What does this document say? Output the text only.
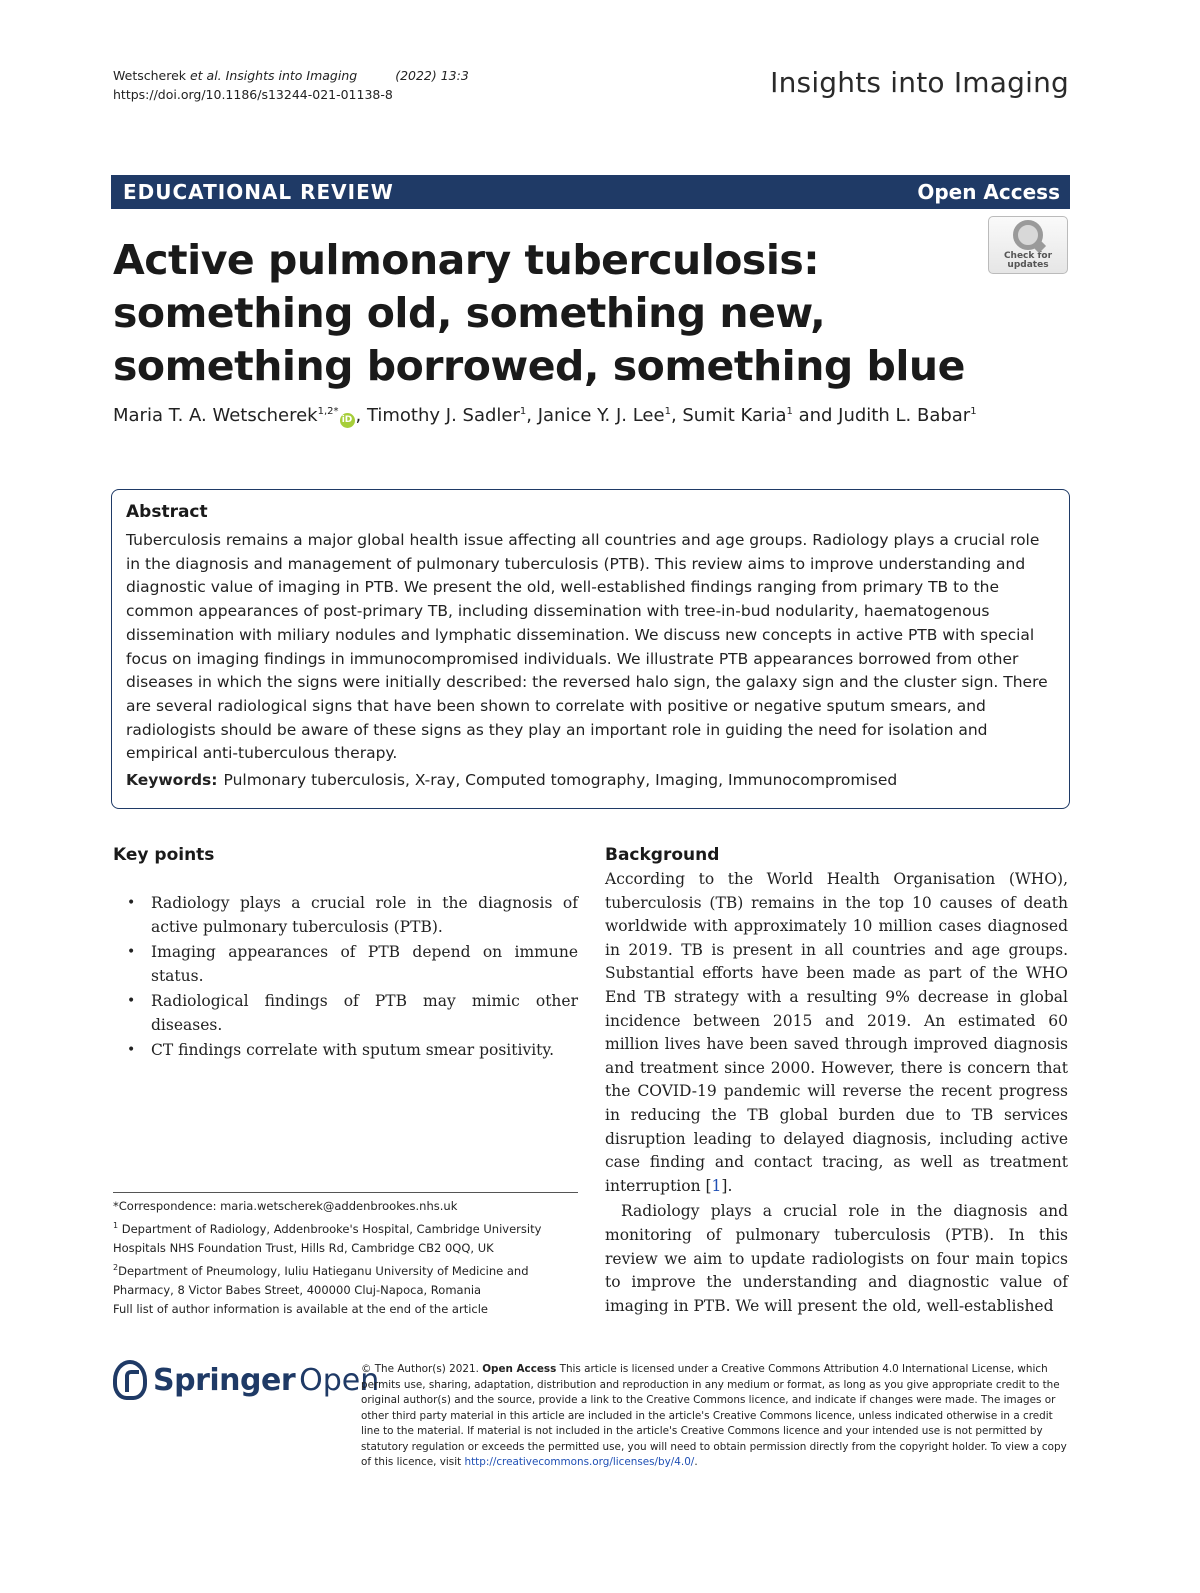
Wetscherek et al. Insights into Imaging	(2022) 13:3
https://doi.org/10.1186/s13244-021-01138-8	Insights into Imaging
EDUCATIONAL REVIEW	Open Access
Active pulmonary tuberculosis: something old, something new, something borrowed, something blue
Check for
updates
Maria T. A. Wetscherek$^{1,2*}$iD , Timothy J. Sadler$^1$, Janice Y. J. Lee$^1$, Sumit Karia$^1$ and Judith L. Babar$^1$
Abstract

Tuberculosis remains a major global health issue affecting all countries and age groups. Radiology plays a crucial role in the diagnosis and management of pulmonary tuberculosis (PTB). This review aims to improve understanding and diagnostic value of imaging in PTB. We present the old, well-established findings ranging from primary TB to the common appearances of post-primary TB, including dissemination with tree-in-bud nodularity, haematogenous dissemination with miliary nodules and lymphatic dissemination. We discuss new concepts in active PTB with special focus on imaging findings in immunocompromised individuals. We illustrate PTB appearances borrowed from other diseases in which the signs were initially described: the reversed halo sign, the galaxy sign and the cluster sign. There are several radiological signs that have been shown to correlate with positive or negative sputum smears, and radiologists should be aware of these signs as they play an important role in guiding the need for isolation and empirical anti-tuberculous therapy.

Keywords: Pulmonary tuberculosis, X-ray, Computed tomography, Imaging, Immunocompromised

Key points
• Radiology plays a crucial role in the diagnosis of active pulmonary tuberculosis (PTB).
• Imaging appearances of PTB depend on immune status.
• Radiological findings of PTB may mimic other diseases.
• CT findings correlate with sputum smear positivity.
*Correspondence: maria.wetscherek@addenbrookes.nhs.uk
$^1$ Department of Radiology, Addenbrooke's Hospital, Cambridge University Hospitals NHS Foundation Trust, Hills Rd, Cambridge CB2 0QQ, UK
$^2$Department of Pneumology, Iuliu Hatieganu University of Medicine and Pharmacy, 8 Victor Babes Street, 400000 Cluj-Napoca, Romania
Full list of author information is available at the end of the article
Background

According to the World Health Organisation (WHO), tuberculosis (TB) remains in the top 10 causes of death worldwide with approximately 10 million cases diagnosed in 2019. TB is present in all countries and age groups. Substantial efforts have been made as part of the WHO End TB strategy with a resulting 9% decrease in global incidence between 2015 and 2019. An estimated 60 million lives have been saved through improved diagnosis and treatment since 2000. However, there is concern that the COVID-19 pandemic will reverse the recent progress in reducing the TB global burden due to TB services disruption leading to delayed diagnosis, including active case finding and contact tracing, as well as treatment interruption [1].

Radiology plays a crucial role in the diagnosis and monitoring of pulmonary tuberculosis (PTB). In this review we aim to update radiologists on four main topics to improve the understanding and diagnostic value of imaging in PTB. We will present the old, well-established

Springer Open
© The Author(s) 2021. Open Access This article is licensed under a Creative Commons Attribution 4.0 International License, which permits use, sharing, adaptation, distribution and reproduction in any medium or format, as long as you give appropriate credit to the original author(s) and the source, provide a link to the Creative Commons licence, and indicate if changes were made. The images or other third party material in this article are included in the article's Creative Commons licence, unless indicated otherwise in a credit line to the material. If material is not included in the article's Creative Commons licence and your intended use is not permitted by statutory regulation or exceeds the permitted use, you will need to obtain permission directly from the copyright holder. To view a copy of this licence, visit http://creativecommons.org/licenses/by/4.0/.
